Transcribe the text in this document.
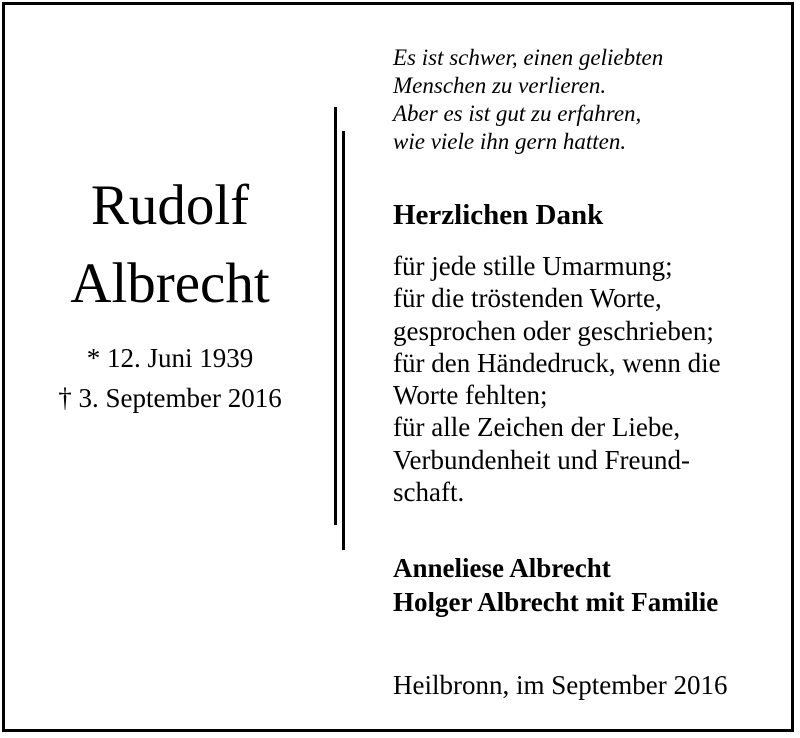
Rudolf
Albrecht
* 12. Juni 1939
† 3. September 2016
Es ist schwer, einen geliebten
Menschen zu verlieren.
Aber es ist gut zu erfahren,
wie viele ihn gern hatten.
Herzlichen Dank
für jede stille Umarmung;
für die tröstenden Worte,
gesprochen oder geschrieben;
für den Händedruck, wenn die
Worte fehlten;
für alle Zeichen der Liebe,
Verbundenheit und Freund-
schaft.
Anneliese Albrecht
Holger Albrecht mit Familie
Heilbronn, im September 2016
